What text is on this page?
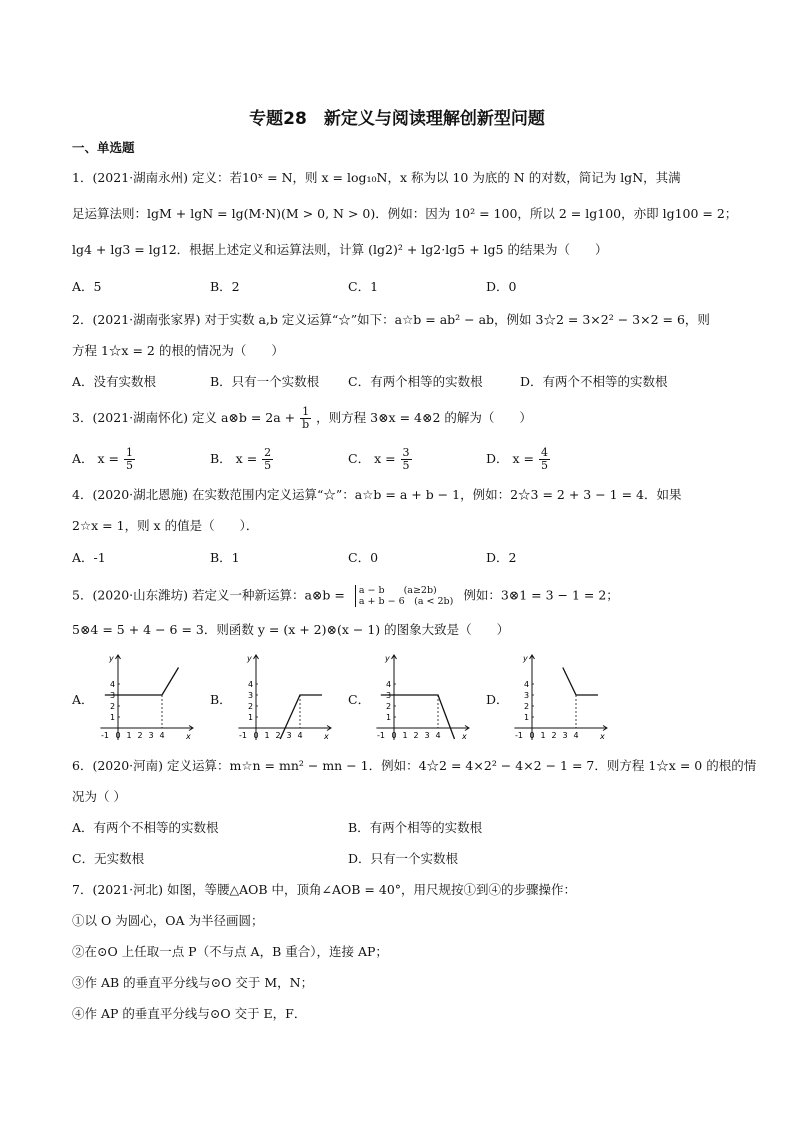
专题28　新定义与阅读理解创新型问题
一、单选题
1．(2021·湖南永州) 定义：若10ˣ = N，则 x = log₁₀N，x 称为以 10 为底的 N 的对数，简记为 lgN，其满
足运算法则：lgM + lgN = lg(M·N)(M > 0, N > 0)．例如：因为 10² = 100，所以 2 = lg100，亦即 lg100 = 2；
lg4 + lg3 = lg12．根据上述定义和运算法则，计算 (lg2)² + lg2·lg5 + lg5 的结果为（　　）
A．5	B．2	C．1	D．0
2．(2021·湖南张家界) 对于实数 a,b 定义运算“☆”如下：a☆b = ab² − ab，例如 3☆2 = 3×2² − 3×2 = 6，则
方程 1☆x = 2 的根的情况为（　　）
A．没有实数根	B．只有一个实数根 C．有两个相等的实数根	D．有两个不相等的实数根
3．(2021·湖南怀化) 定义 a⊗b = $2a + \frac{1}{b}$ ，则方程 3⊗x = 4⊗2 的解为（　　）
A． $x = \frac{1}{5}$	B． $x = \frac{2}{5}$	C． $x = \frac{3}{5}$	D． $x = \frac{4}{5}$
4．(2020·湖北恩施) 在实数范围内定义运算“☆”：a☆b = a + b − 1，例如：2☆3 = 2 + 3 − 1 = 4．如果
2☆x = 1，则 x 的值是（　　）．
A．-1	B．1	C．0	D．2
5．(2020·山东潍坊) 若定义一种新运算：a⊗b = a − b　　(a≥2b)
a + b − 6　(a < 2b) 例如：3⊗1 = 3 − 1 = 2；
5⊗4 = 5 + 4 − 6 = 3．则函数 y = (x + 2)⊗(x − 1) 的图象大致是（　　）
A．	B．	C．	D．
x
y
4
3
2
1
-1 0 1 2 3 4	x
y
4
3
2
1
-1 0 1 2 3 4	x
y
4
3
2
1
-1 0 1 2 3 4	x
y
4
3
2
1
-1 0 1 2 3 4
6．(2020·河南) 定义运算：m☆n = mn² − mn − 1．例如：4☆2 = 4×2² − 4×2 − 1 = 7．则方程 1☆x = 0 的根的情
况为（ ）
A．有两个不相等的实数根	B．有两个相等的实数根
C．无实数根	D．只有一个实数根
7．(2021·河北) 如图，等腰△AOB 中，顶角∠AOB = 40°，用尺规按①到④的步骤操作：
①以 O 为圆心，OA 为半径画圆；
②在⊙O 上任取一点 P（不与点 A，B 重合），连接 AP；
③作 AB 的垂直平分线与⊙O 交于 M，N；
④作 AP 的垂直平分线与⊙O 交于 E，F．
